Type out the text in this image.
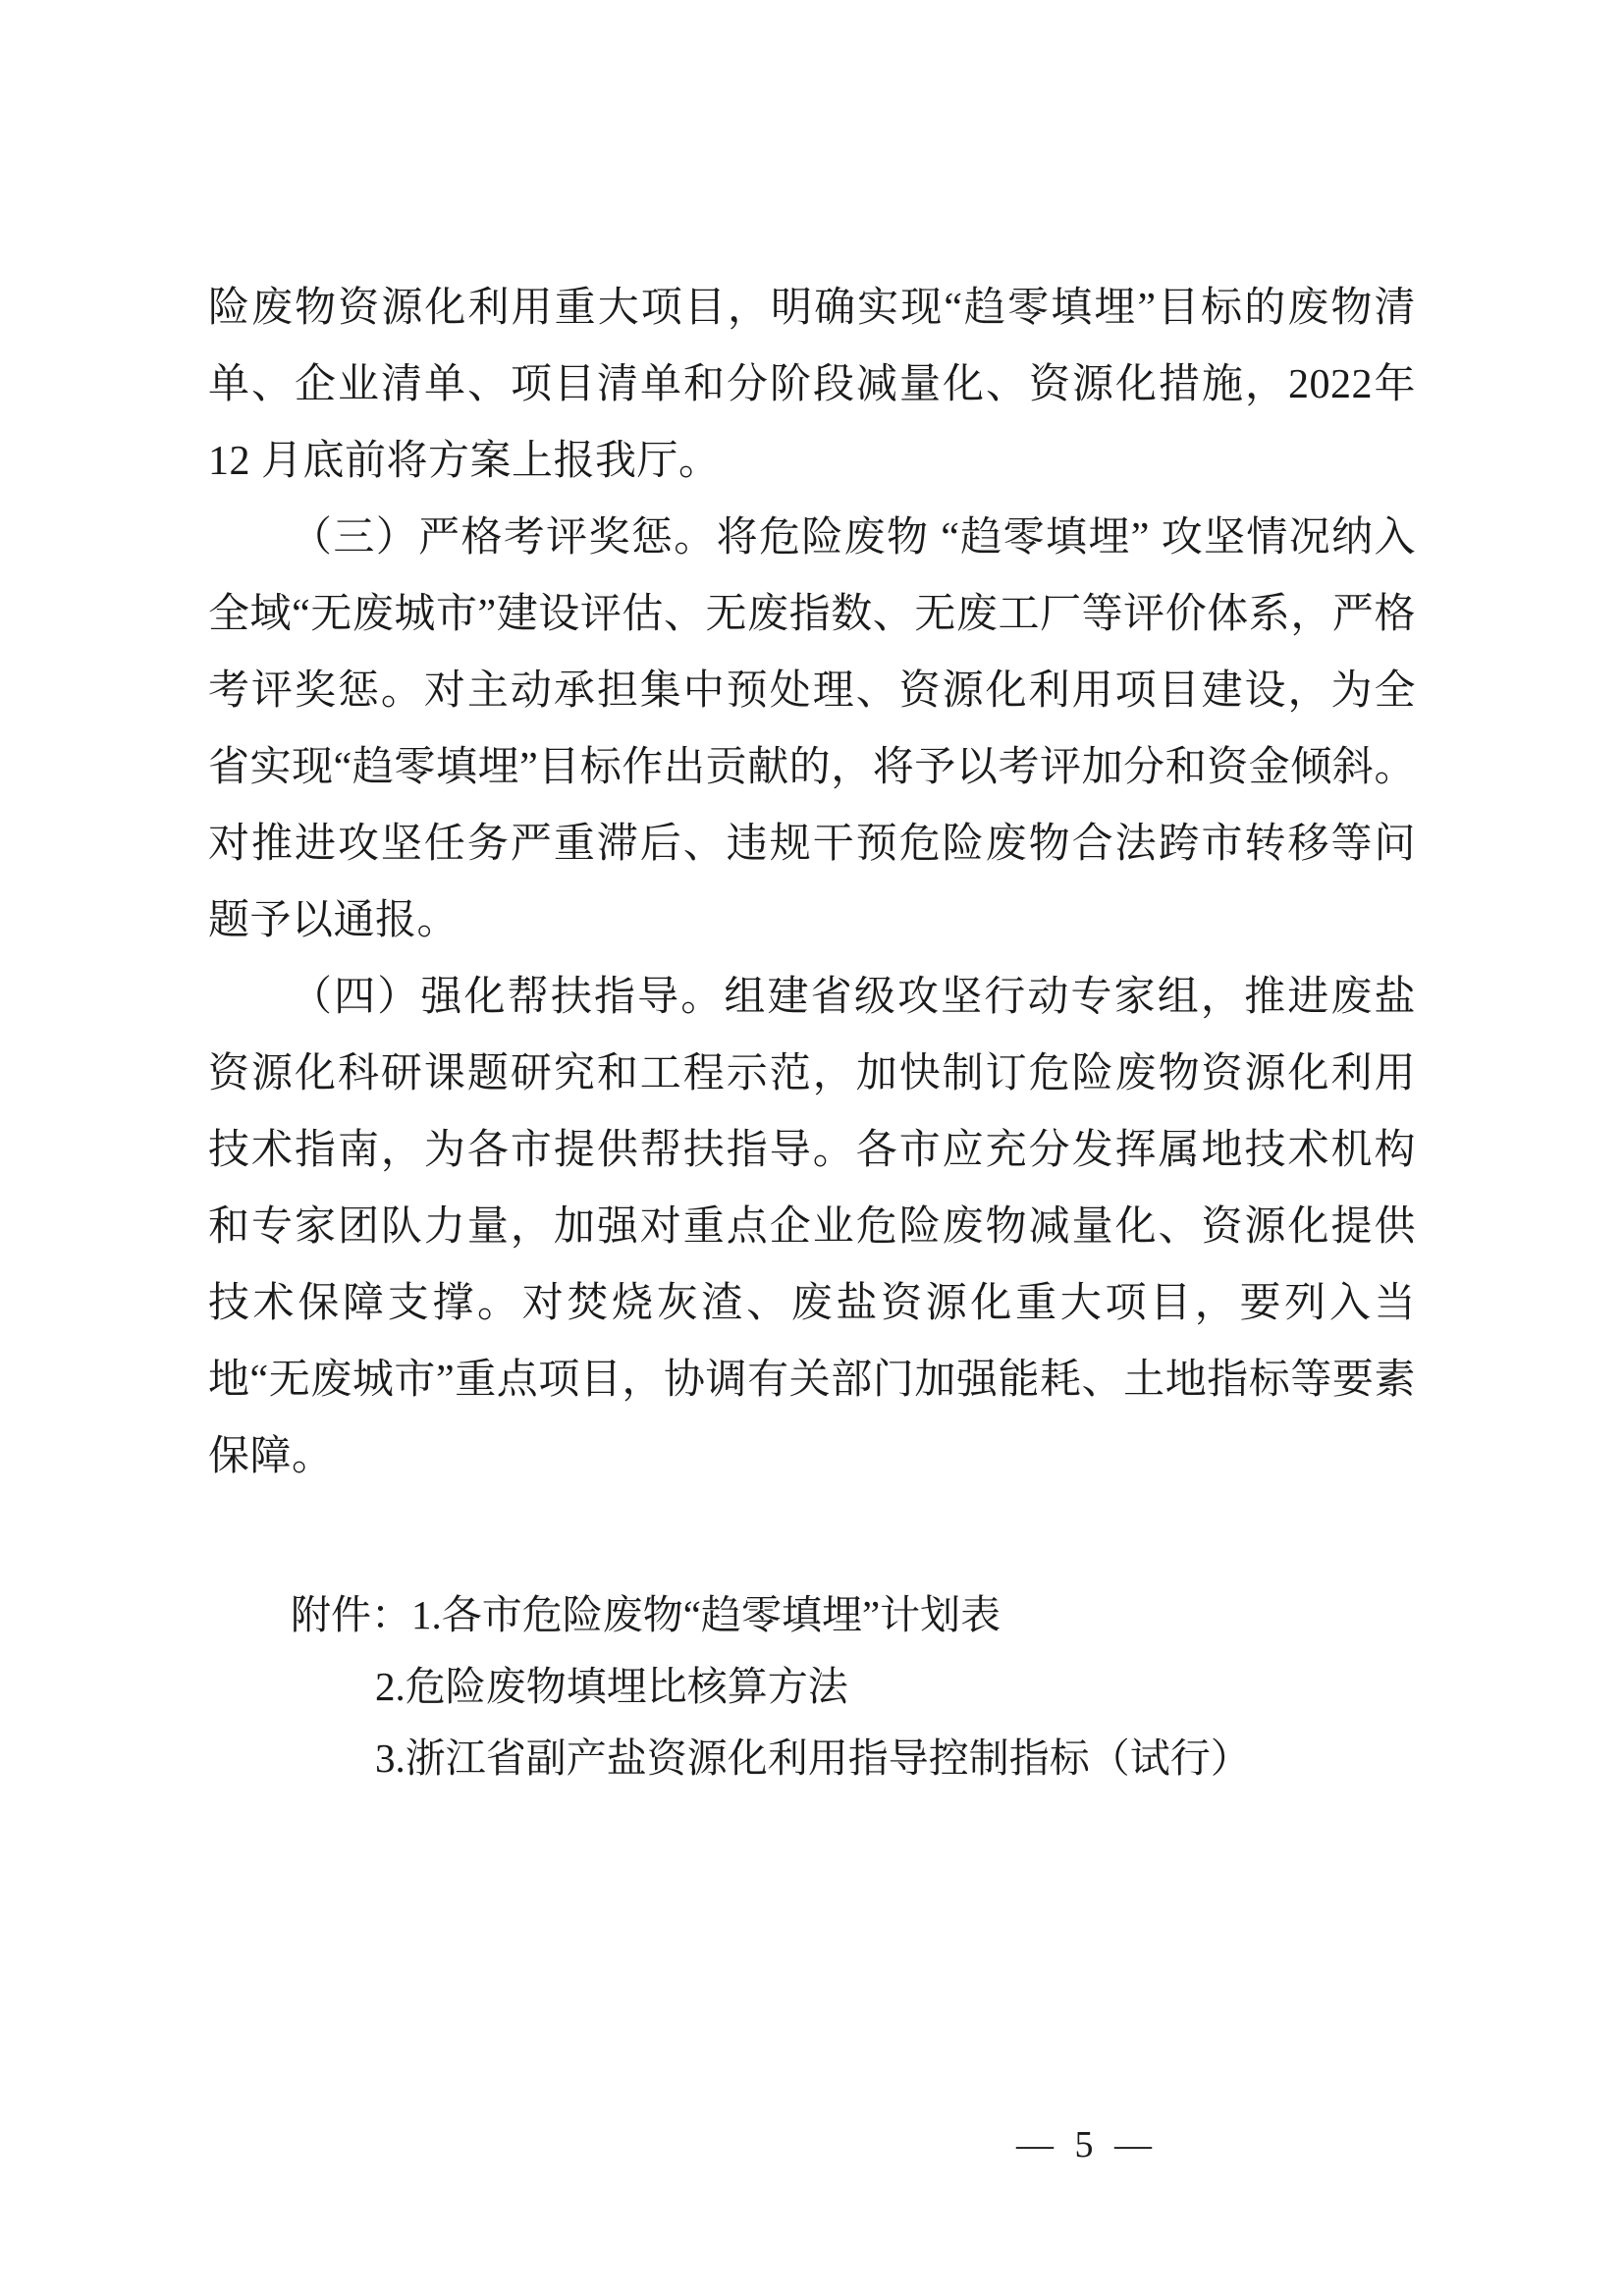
险废物资源化利用重大项目，明确实现“趋零填埋”目标的废物清单、企业清单、项目清单和分阶段减量化、资源化措施，2022年 12 月底前将方案上报我厅。

（三）严格考评奖惩。将危险废物 “趋零填埋” 攻坚情况纳入全域“无废城市”建设评估、无废指数、无废工厂等评价体系，严格考评奖惩。对主动承担集中预处理、资源化利用项目建设，为全省实现“趋零填埋”目标作出贡献的，将予以考评加分和资金倾斜。对推进攻坚任务严重滞后、违规干预危险废物合法跨市转移等问题予以通报。

（四）强化帮扶指导。组建省级攻坚行动专家组，推进废盐资源化科研课题研究和工程示范，加快制订危险废物资源化利用技术指南，为各市提供帮扶指导。各市应充分发挥属地技术机构和专家团队力量，加强对重点企业危险废物减量化、资源化提供技术保障支撑。对焚烧灰渣、废盐资源化重大项目，要列入当地“无废城市”重点项目，协调有关部门加强能耗、土地指标等要素保障。

附件：1.各市危险废物“趋零填埋”计划表
2.危险废物填埋比核算方法
3.浙江省副产盐资源化利用指导控制指标（试行）
— 5 —
